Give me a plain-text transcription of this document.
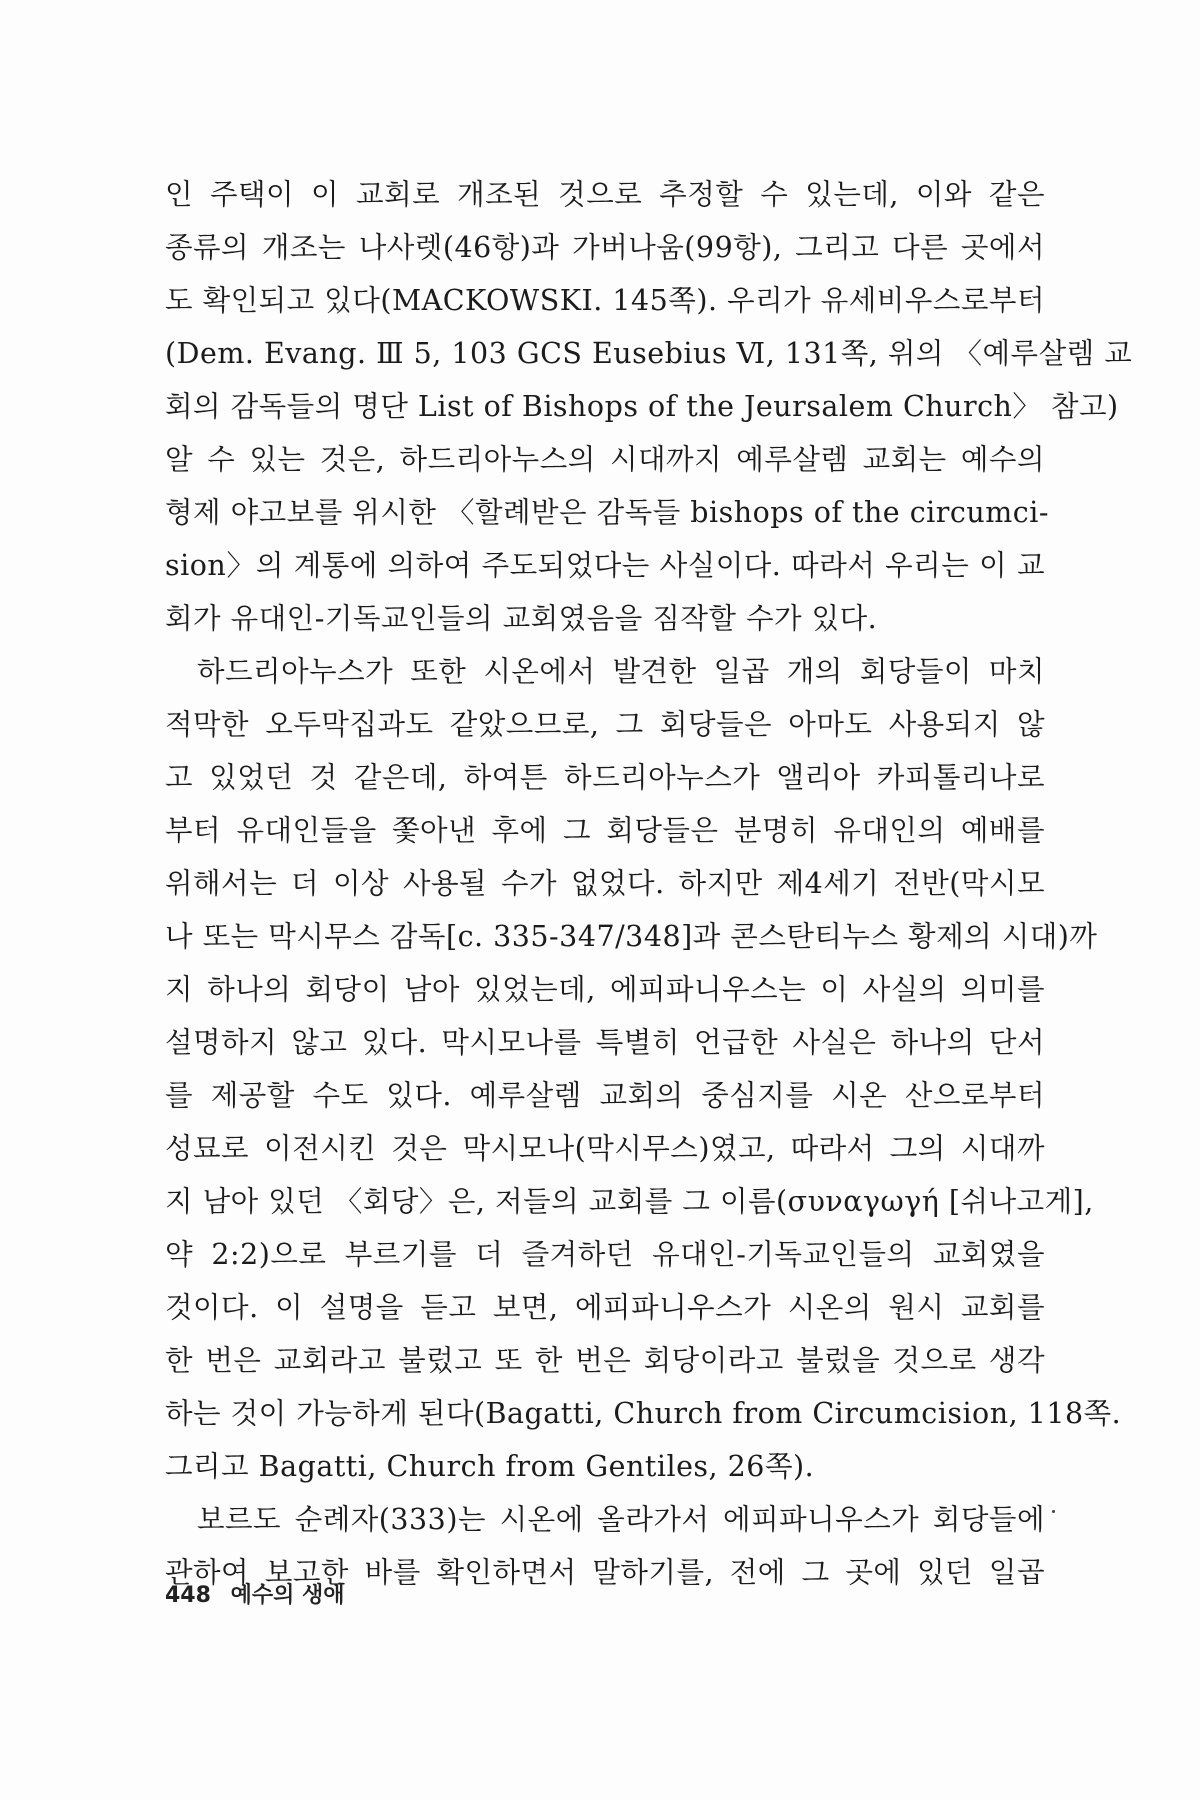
인 주택이 이 교회로 개조된 것으로 추정할 수 있는데, 이와 같은
종류의 개조는 나사렛(46항)과 가버나움(99항), 그리고 다른 곳에서
도 확인되고 있다(MACKOWSKI. 145쪽). 우리가 유세비우스로부터
(Dem. Evang. Ⅲ 5, 103 GCS Eusebius Ⅵ, 131쪽, 위의 〈예루살렘 교
회의 감독들의 명단 List of Bishops of the Jeursalem Church〉 참고)
알 수 있는 것은, 하드리아누스의 시대까지 예루살렘 교회는 예수의
형제 야고보를 위시한 〈할례받은 감독들 bishops of the circumci-
sion〉의 계통에 의하여 주도되었다는 사실이다. 따라서 우리는 이 교
회가 유대인-기독교인들의 교회였음을 짐작할 수가 있다.
하드리아누스가 또한 시온에서 발견한 일곱 개의 회당들이 마치
적막한 오두막집과도 같았으므로, 그 회당들은 아마도 사용되지 않
고 있었던 것 같은데, 하여튼 하드리아누스가 앨리아 카피톨리나로
부터 유대인들을 쫓아낸 후에 그 회당들은 분명히 유대인의 예배를
위해서는 더 이상 사용될 수가 없었다. 하지만 제4세기 전반(막시모
나 또는 막시무스 감독[c. 335-347/348]과 콘스탄티누스 황제의 시대)까
지 하나의 회당이 남아 있었는데, 에피파니우스는 이 사실의 의미를
설명하지 않고 있다. 막시모나를 특별히 언급한 사실은 하나의 단서
를 제공할 수도 있다. 예루살렘 교회의 중심지를 시온 산으로부터
성묘로 이전시킨 것은 막시모나(막시무스)였고, 따라서 그의 시대까
지 남아 있던 〈회당〉은, 저들의 교회를 그 이름(συναγωγή [쉬나고게],
약 2:2)으로 부르기를 더 즐겨하던 유대인-기독교인들의 교회였을
것이다. 이 설명을 듣고 보면, 에피파니우스가 시온의 원시 교회를
한 번은 교회라고 불렀고 또 한 번은 회당이라고 불렀을 것으로 생각
하는 것이 가능하게 된다(Bagatti, Church from Circumcision, 118쪽.
그리고 Bagatti, Church from Gentiles, 26쪽).
보르도 순례자(333)는 시온에 올라가서 에피파니우스가 회당들에
관하여 보고한 바를 확인하면서 말하기를, 전에 그 곳에 있던 일곱
448 예수의 생애
